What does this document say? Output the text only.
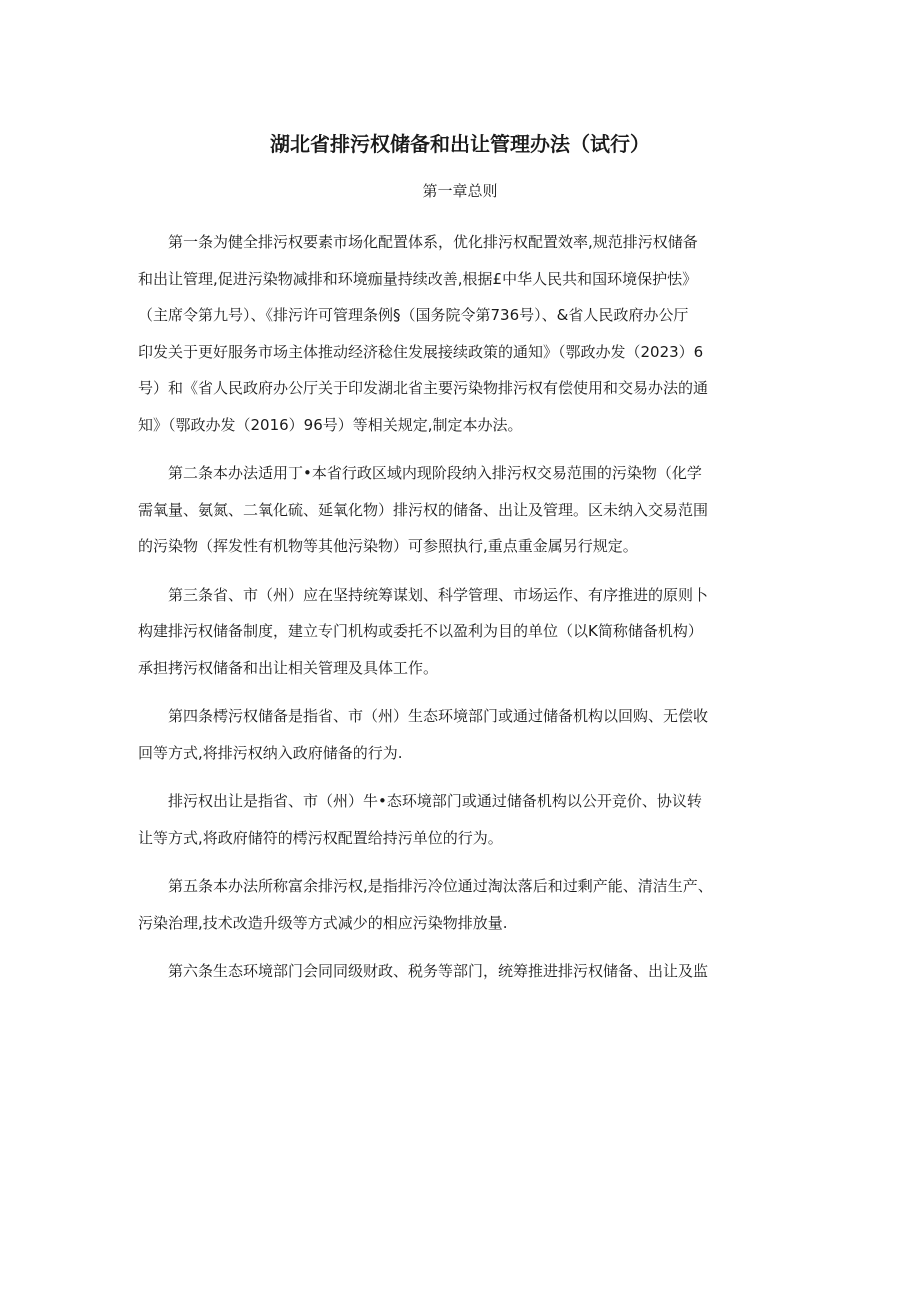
湖北省排污权储备和出让管理办法（试行）
第一章总则
第一条为健全排污权要素市场化配置体系，优化排污权配置效率,规范排污权储备
和出让管理,促进污染物减排和环境痂量持续改善,根据£中华人民共和国环境保护怯》
（主席令第九号）、《排污许可管理条例§（国务院令第736号）、&省人民政府办公厅
印发关于更好服务市场主体推动经济稔住发展接续政策的通知》（鄂政办发（2023）6
号）和《省人民政府办公厅关于印发湖北省主要污染物排污权有偿使用和交易办法的通
知》（鄂政办发（2016）96号）等相关规定,制定本办法。
第二条本办法适用丁•本省行政区域内现阶段纳入排污权交易范围的污染物（化学
需氧量、氨氮、二氧化硫、延氧化物）排污权的储备、出让及管理。区未纳入交易范围
的污染物（挥发性有机物等其他污染物）可参照执行,重点重金属另行规定。
第三条省、市（州）应在坚持统筹谋划、科学管理、市场运作、有序推进的原则卜
构建排污权储备制度，建立专门机构或委托不以盈利为目的单位（以K简称储备机构）
承担拷污权储备和出让相关管理及具体工作。
第四条樗污权储备是指省、市（州）生态环境部门或通过储备机构以回购、无偿收
回等方式,将排污权纳入政府储备的行为.
排污权出让是指省、市（州）牛•态环境部门或通过储备机构以公开竞价、协议转
让等方式,将政府储符的樗污权配置给持污单位的行为。
第五条本办法所称富余排污权,是指排污冷位通过淘汰落后和过剩产能、清洁生产、
污染治理,技术改造升级等方式减少的相应污染物排放量.
第六条生态环境部门会同同级财政、税务等部门，统筹推进排污权储备、出让及监
